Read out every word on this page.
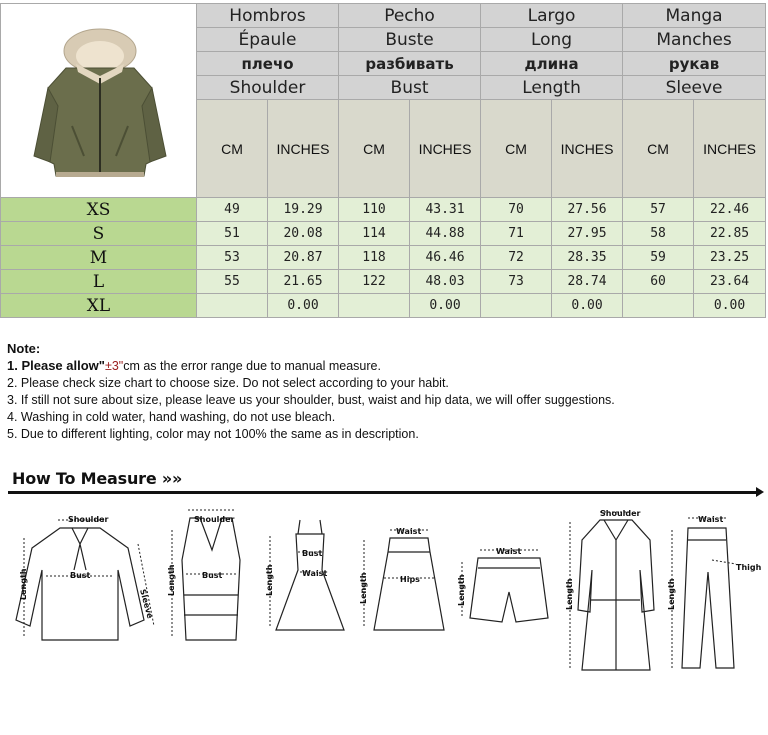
	Hombros		Pecho		Largo		Manga	
	Épaule		Buste		Long		Manches	
	плечо		разбивать		длина		рукав	
	Shoulder		Bust		Length		Sleeve	
	CM	INCHES	CM	INCHES	CM	INCHES	CM	INCHES
XS	49	19.29	110	43.31	70	27.56	57	22.46
S	51	20.08	114	44.88	71	27.95	58	22.85
M	53	20.87	118	46.46	72	28.35	59	23.25
L	55	21.65	122	48.03	73	28.74	60	23.64
XL		0.00		0.00		0.00		0.00
Note:
1. Please allow"±3"cm as the error range due to manual measure.
2. Please check size chart to choose size. Do not select according to your habit.
3. If still not sure about size, please leave us your shoulder, bust, waist and hip data, we will offer suggestions.
4. Washing in cold water, hand washing, do not use bleach.
5. Due to different lighting, color may not 100% the same as in description.
How To Measure »»
Shoulder
Bust
Length
Sleeve
Shoulder
Bust
Length
Bust
Waist
Length
Waist
Hips
Length
Waist
Length
Shoulder
Length
Waist
Thigh
Length
